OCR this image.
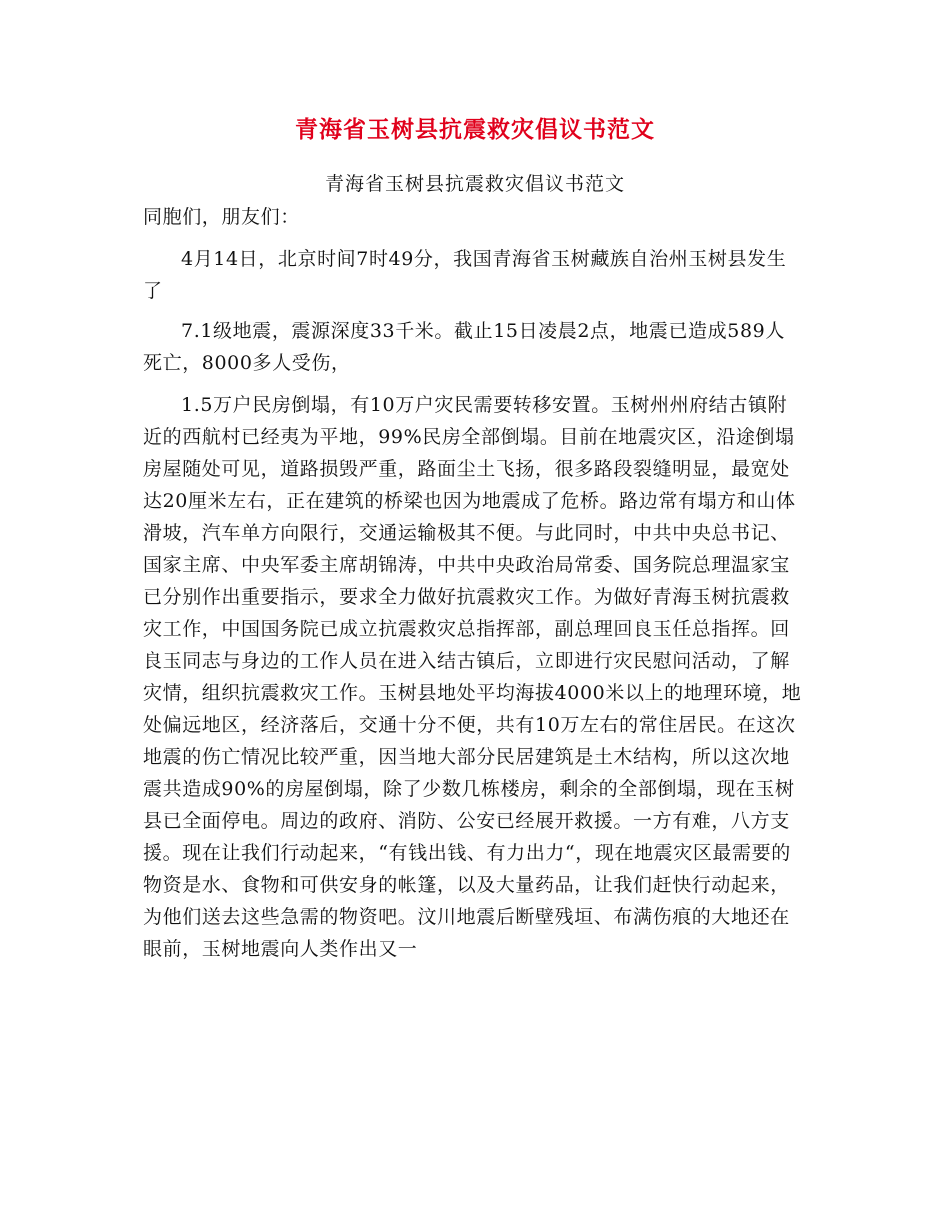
青海省玉树县抗震救灾倡议书范文
青海省玉树县抗震救灾倡议书范文
同胞们，朋友们：

4月14日，北京时间7时49分，我国青海省玉树藏族自治州玉树县发生了

7.1级地震，震源深度33千米。截止15日凌晨2点，地震已造成589人死亡，8000多人受伤，

1.5万户民房倒塌，有10万户灾民需要转移安置。玉树州州府结古镇附近的西航村已经夷为平地，99%民房全部倒塌。目前在地震灾区，沿途倒塌房屋随处可见，道路损毁严重，路面尘土飞扬，很多路段裂缝明显，最宽处达20厘米左右，正在建筑的桥梁也因为地震成了危桥。路边常有塌方和山体滑坡，汽车单方向限行，交通运输极其不便。与此同时，中共中央总书记、国家主席、中央军委主席胡锦涛，中共中央政治局常委、国务院总理温家宝已分别作出重要指示，要求全力做好抗震救灾工作。为做好青海玉树抗震救灾工作，中国国务院已成立抗震救灾总指挥部，副总理回良玉任总指挥。回良玉同志与身边的工作人员在进入结古镇后，立即进行灾民慰问活动，了解灾情，组织抗震救灾工作。玉树县地处平均海拔4000米以上的地理环境，地处偏远地区，经济落后，交通十分不便，共有10万左右的常住居民。在这次地震的伤亡情况比较严重，因当地大部分民居建筑是土木结构，所以这次地震共造成90%的房屋倒塌，除了少数几栋楼房，剩余的全部倒塌，现在玉树县已全面停电。周边的政府、消防、公安已经展开救援。一方有难，八方支援。现在让我们行动起来，“有钱出钱、有力出力“，现在地震灾区最需要的物资是水、食物和可供安身的帐篷，以及大量药品，让我们赶快行动起来，为他们送去这些急需的物资吧。汶川地震后断壁残垣、布满伤痕的大地还在眼前，玉树地震向人类作出又一
